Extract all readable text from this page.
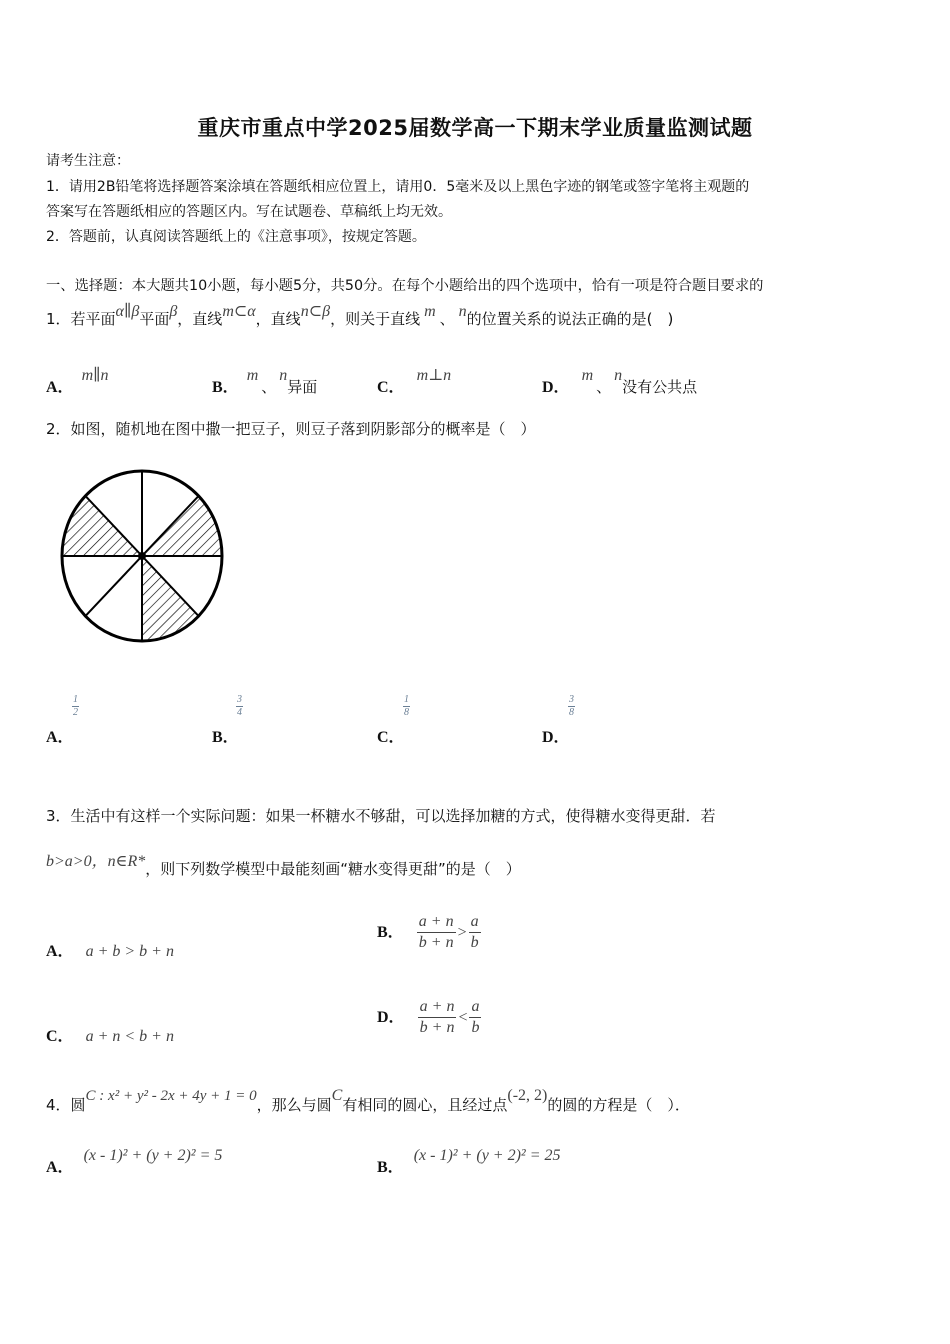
重庆市重点中学2025届数学高一下期末学业质量监测试题
请考生注意：
1．请用2B铅笔将选择题答案涂填在答题纸相应位置上，请用0．5毫米及以上黑色字迹的钢笔或签字笔将主观题的
答案写在答题纸相应的答题区内。写在试题卷、草稿纸上均无效。
2．答题前，认真阅读答题纸上的《注意事项》，按规定答题。
一、选择题：本大题共10小题，每小题5分，共50分。在每个小题给出的四个选项中，恰有一项是符合题目要求的
1．若平面α∥β平面β，直线m⊂α，直线n⊂β，则关于直线 m 、 n的位置关系的说法正确的是(　)
A．m∥n
B．m、n异面	C．m⊥n
D．m、n没有公共点
2．如图，随机地在图中撒一把豆子，则豆子落到阴影部分的概率是（　）
A．
$\frac{1}{2}$
B．
$\frac{3}{4}$
C．
$\frac{1}{8}$
D．
$\frac{3}{8}$
3．生活中有这样一个实际问题：如果一杯糖水不够甜，可以选择加糖的方式，使得糖水变得更甜．若
b>a>0，n∈R*，则下列数学模型中最能刻画“糖水变得更甜”的是（　）
A． a + b > b + n
B． $\frac{a + n}{b + n} > \frac{a}{b}$
C． a + n < b + n
D． $\frac{a + n}{b + n} < \frac{a}{b}$
4．圆C : x² + y² - 2x + 4y + 1 = 0，那么与圆C有相同的圆心，且经过点(-2, 2)的圆的方程是（　）．
A．(x - 1)² + (y + 2)² = 5
B．(x - 1)² + (y + 2)² = 25
